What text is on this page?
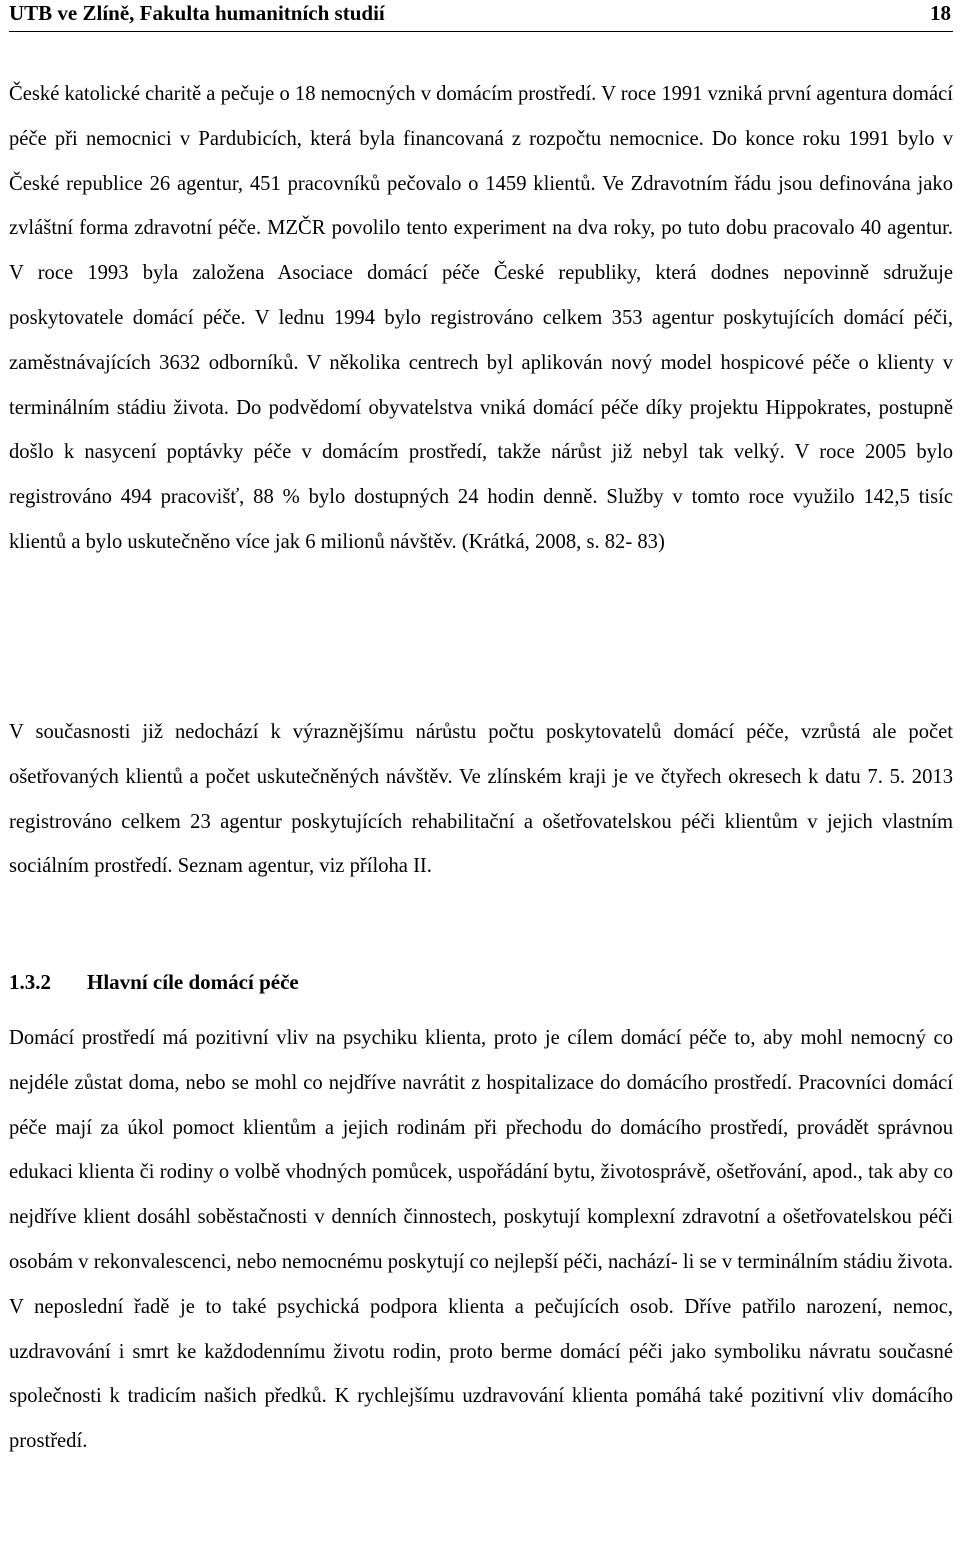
UTB ve Zlíně, Fakulta humanitních studií	18

České katolické charitě a pečuje o 18 nemocných v domácím prostředí. V roce 1991 vzniká první agentura domácí péče při nemocnici v Pardubicích, která byla financovaná z rozpočtu nemocnice. Do konce roku 1991 bylo v České republice 26 agentur, 451 pracovníků pečovalo o 1459 klientů. Ve Zdravotním řádu jsou definována jako zvláštní forma zdravotní péče. MZČR povolilo tento experiment na dva roky, po tuto dobu pracovalo 40 agentur. V roce 1993 byla založena Asociace domácí péče České republiky, která dodnes nepovinně sdružuje poskytovatele domácí péče. V lednu 1994 bylo registrováno celkem 353 agentur poskytujících domácí péči, zaměstnávajících 3632 odborníků. V několika centrech byl aplikován nový model hospicové péče o klienty v terminálním stádiu života. Do podvědomí obyvatelstva vniká domácí péče díky projektu Hippokrates, postupně došlo k nasycení poptávky péče v domácím prostředí, takže nárůst již nebyl tak velký. V roce 2005 bylo registrováno 494 pracovišť, 88 % bylo dostupných 24 hodin denně. Služby v tomto roce využilo 142,5 tisíc klientů a bylo uskutečněno více jak 6 milionů návštěv. (Krátká, 2008, s. 82- 83)

V současnosti již nedochází k výraznějšímu nárůstu počtu poskytovatelů domácí péče, vzrůstá ale počet ošetřovaných klientů a počet uskutečněných návštěv. Ve zlínském kraji je ve čtyřech okresech k datu 7. 5. 2013 registrováno celkem 23 agentur poskytujících rehabilitační a ošetřovatelskou péči klientům v jejich vlastním sociálním prostředí. Seznam agentur, viz příloha II.

1.3.2 Hlavní cíle domácí péče

Domácí prostředí má pozitivní vliv na psychiku klienta, proto je cílem domácí péče to, aby mohl nemocný co nejdéle zůstat doma, nebo se mohl co nejdříve navrátit z hospitalizace do domácího prostředí. Pracovníci domácí péče mají za úkol pomoct klientům a jejich rodinám při přechodu do domácího prostředí, provádět správnou edukaci klienta či rodiny o volbě vhodných pomůcek, uspořádání bytu, životosprávě, ošetřování, apod., tak aby co nejdříve klient dosáhl soběstačnosti v denních činnostech, poskytují komplexní zdravotní a ošetřovatelskou péči osobám v rekonvalescenci, nebo nemocnému poskytují co nejlepší péči, nachází- li se v terminálním stádiu života. V neposlední řadě je to také psychická podpora klienta a pečujících osob. Dříve patřilo narození, nemoc, uzdravování i smrt ke každodennímu životu rodin, proto berme domácí péči jako symboliku návratu současné společnosti k tradicím našich předků. K rychlejšímu uzdravování klienta pomáhá také pozitivní vliv domácího prostředí.
